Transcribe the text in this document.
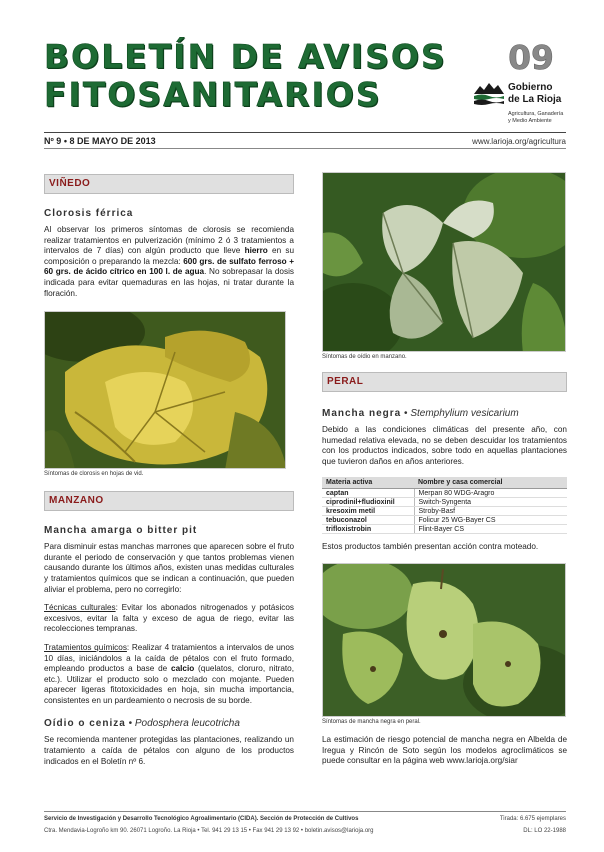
BOLETÍN DE AVISOS
FITOSANITARIOS
09
Gobierno
de La Rioja
Agricultura, Ganadería
y Medio Ambiente
Nº 9 • 8 DE MAYO DE 2013	www.larioja.org/agricultura
VIÑEDO
Clorosis férrica

Al observar los primeros síntomas de clorosis se recomienda realizar tratamientos en pulverización (mínimo 2 ó 3 tratamientos a intervalos de 7 días) con algún producto que lleve hierro en su composición o preparando la mezcla: 600 grs. de sulfato ferroso + 60 grs. de ácido cítrico en 100 l. de agua. No sobrepasar la dosis indicada para evitar quemaduras en las hojas, ni tratar durante la floración.

Síntomas de clorosis en hojas de vid.
MANZANO
Mancha amarga o bitter pit

Para disminuir estas manchas marrones que aparecen sobre el fruto durante el periodo de conservación y que tantos problemas vienen causando durante los últimos años, existen unas medidas culturales y tratamientos químicos que se indican a continuación, que pueden aliviar el problema, pero no corregirlo:

Técnicas culturales: Evitar los abonados nitrogenados y potásicos excesivos, evitar la falta y exceso de agua de riego, evitar las recolecciones tempranas.

Tratamientos químicos: Realizar 4 tratamientos a intervalos de unos 10 días, iniciándolos a la caída de pétalos con el fruto formado, empleando productos a base de calcio (quelatos, cloruro, nitrato, etc.). Utilizar el producto solo o mezclado con mojante. Pueden aparecer ligeras fitotoxicidades en hoja, sin mucha importancia, consistentes en un pardeamiento o necrosis de su borde.

Oídio o ceniza • Podosphera leucotricha

Se recomienda mantener protegidas las plantaciones, realizando un tratamiento a caída de pétalos con alguno de los productos indicados en el Boletín nº 6.

Síntomas de oídio en manzano.
PERAL
Mancha negra • Stemphylium vesicarium

Debido a las condiciones climáticas del presente año, con humedad relativa elevada, no se deben descuidar los tratamientos con los productos indicados, sobre todo en aquellas plantaciones que tuvieron daños en años anteriores.

Materia activa	Nombre y casa comercial
captan	Merpan 80 WDG-Aragro
ciprodinil+fludioxinil	Switch-Syngenta
kresoxim metil	Stroby-Basf
tebuconazol	Folicur 25 WG-Bayer CS
trifloxistrobin	Flint-Bayer CS

Estos productos también presentan acción contra moteado.

Síntomas de mancha negra en peral.

La estimación de riesgo potencial de mancha negra en Albelda de Iregua y Rincón de Soto según los modelos agroclimáticos se puede consultar en la página web www.larioja.org/siar

Servicio de Investigación y Desarrollo Tecnológico Agroalimentario (CIDA). Sección de Protección de Cultivos
Ctra. Mendavia-Logroño km 90. 26071 Logroño. La Rioja • Tel. 941 29 13 15 • Fax 941 29 13 92 • boletin.avisos@larioja.org
Tirada: 6.675 ejemplares
DL: LO 22-1988
